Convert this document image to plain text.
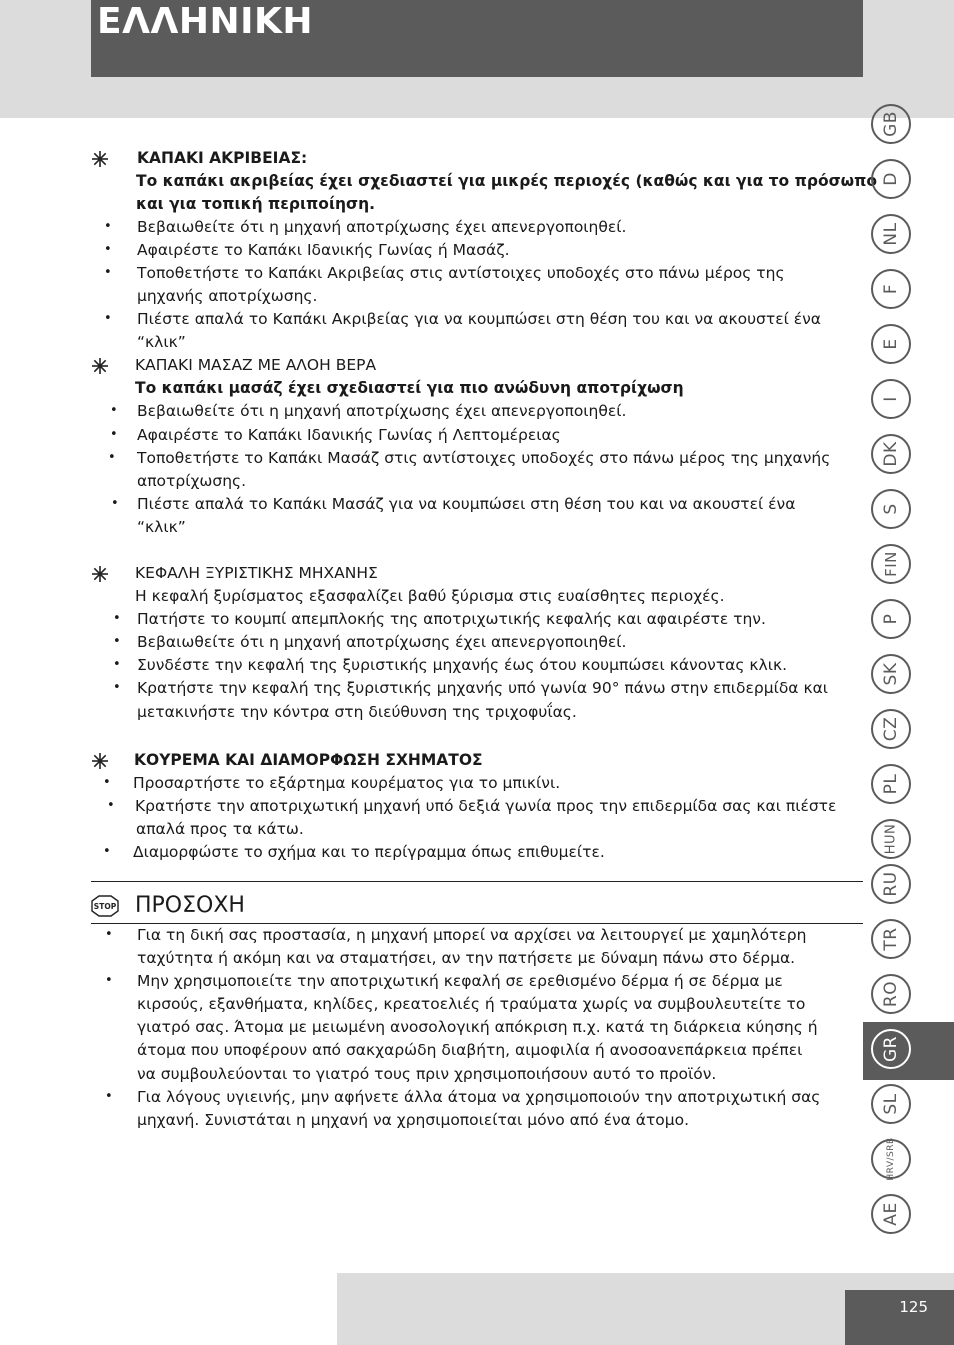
ΕΛΛΗΝΙΚΗ
125
ΚΑΠΑΚΙ ΑΚΡΙΒΕΙΑΣ:
Το καπάκι ακριβείας έχει σχεδιαστεί για μικρές περιοχές (καθώς και για το πρόσωπο
και για τοπική περιποίηση.
• Βεβαιωθείτε ότι η μηχανή αποτρίχωσης έχει απενεργοποιηθεί.
• Αφαιρέστε το Καπάκι Ιδανικής Γωνίας ή Μασάζ.
• Τοποθετήστε το Καπάκι Ακριβείας στις αντίστοιχες υποδοχές στο πάνω μέρος της
μηχανής αποτρίχωσης.
• Πιέστε απαλά το Καπάκι Ακριβείας για να κουμπώσει στη θέση του και να ακουστεί ένα
“κλικ”
ΚΑΠΑΚΙ ΜΑΣΑΖ ΜΕ ΑΛΟΗ ΒΕΡΑ
Το καπάκι μασάζ έχει σχεδιαστεί για πιο ανώδυνη αποτρίχωση
• Βεβαιωθείτε ότι η μηχανή αποτρίχωσης έχει απενεργοποιηθεί.
• Αφαιρέστε το Καπάκι Ιδανικής Γωνίας ή Λεπτομέρειας
• Τοποθετήστε το Καπάκι Μασάζ στις αντίστοιχες υποδοχές στο πάνω μέρος της μηχανής
αποτρίχωσης.
• Πιέστε απαλά το Καπάκι Μασάζ για να κουμπώσει στη θέση του και να ακουστεί ένα
“κλικ”
ΚΕΦΑΛΗ ΞΥΡΙΣΤΙΚΗΣ ΜΗΧΑΝΗΣ
Η κεφαλή ξυρίσματος εξασφαλίζει βαθύ ξύρισμα στις ευαίσθητες περιοχές.
• Πατήστε το κουμπί απεμπλοκής της αποτριχωτικής κεφαλής και αφαιρέστε την.
• Βεβαιωθείτε ότι η μηχανή αποτρίχωσης έχει απενεργοποιηθεί.
• Συνδέστε την κεφαλή της ξυριστικής μηχανής έως ότου κουμπώσει κάνοντας κλικ.
• Κρατήστε την κεφαλή της ξυριστικής μηχανής υπό γωνία 90° πάνω στην επιδερμίδα και
μετακινήστε την κόντρα στη διεύθυνση της τριχοφυΐας.
ΚΟΥΡΕΜΑ ΚΑΙ ΔΙΑΜΟΡΦΩΣΗ ΣΧΗΜΑΤΟΣ
• Προσαρτήστε το εξάρτημα κουρέματος για το μπικίνι.
• Κρατήστε την αποτριχωτική μηχανή υπό δεξιά γωνία προς την επιδερμίδα σας και πιέστε
απαλά προς τα κάτω.
• Διαμορφώστε το σχήμα και το περίγραμμα όπως επιθυμείτε.
STOP ΠΡΟΣΟΧΗ
• Για τη δική σας προστασία, η μηχανή μπορεί να αρχίσει να λειτουργεί με χαμηλότερη
ταχύτητα ή ακόμη και να σταματήσει, αν την πατήσετε με δύναμη πάνω στο δέρμα.
• Μην χρησιμοποιείτε την αποτριχωτική κεφαλή σε ερεθισμένο δέρμα ή σε δέρμα με
κιρσούς, εξανθήματα, κηλίδες, κρεατοελιές ή τραύματα χωρίς να συμβουλευτείτε το
γιατρό σας. Άτομα με μειωμένη ανοσολογική απόκριση π.χ. κατά τη διάρκεια κύησης ή
άτομα που υποφέρουν από σακχαρώδη διαβήτη, αιμοφιλία ή ανοσοανεπάρκεια πρέπει
να συμβουλεύονται το γιατρό τους πριν χρησιμοποιήσουν αυτό το προϊόν.
• Για λόγους υγιεινής, μην αφήνετε άλλα άτομα να χρησιμοποιούν την αποτριχωτική σας
μηχανή. Συνιστάται η μηχανή να χρησιμοποιείται μόνο από ένα άτομο.
GB
D
NL
F
E
I
DK
S
FIN
P
SK
CZ
PL
HUN
RU
TR
RO
GR
SL
HRV/SRB
AE
